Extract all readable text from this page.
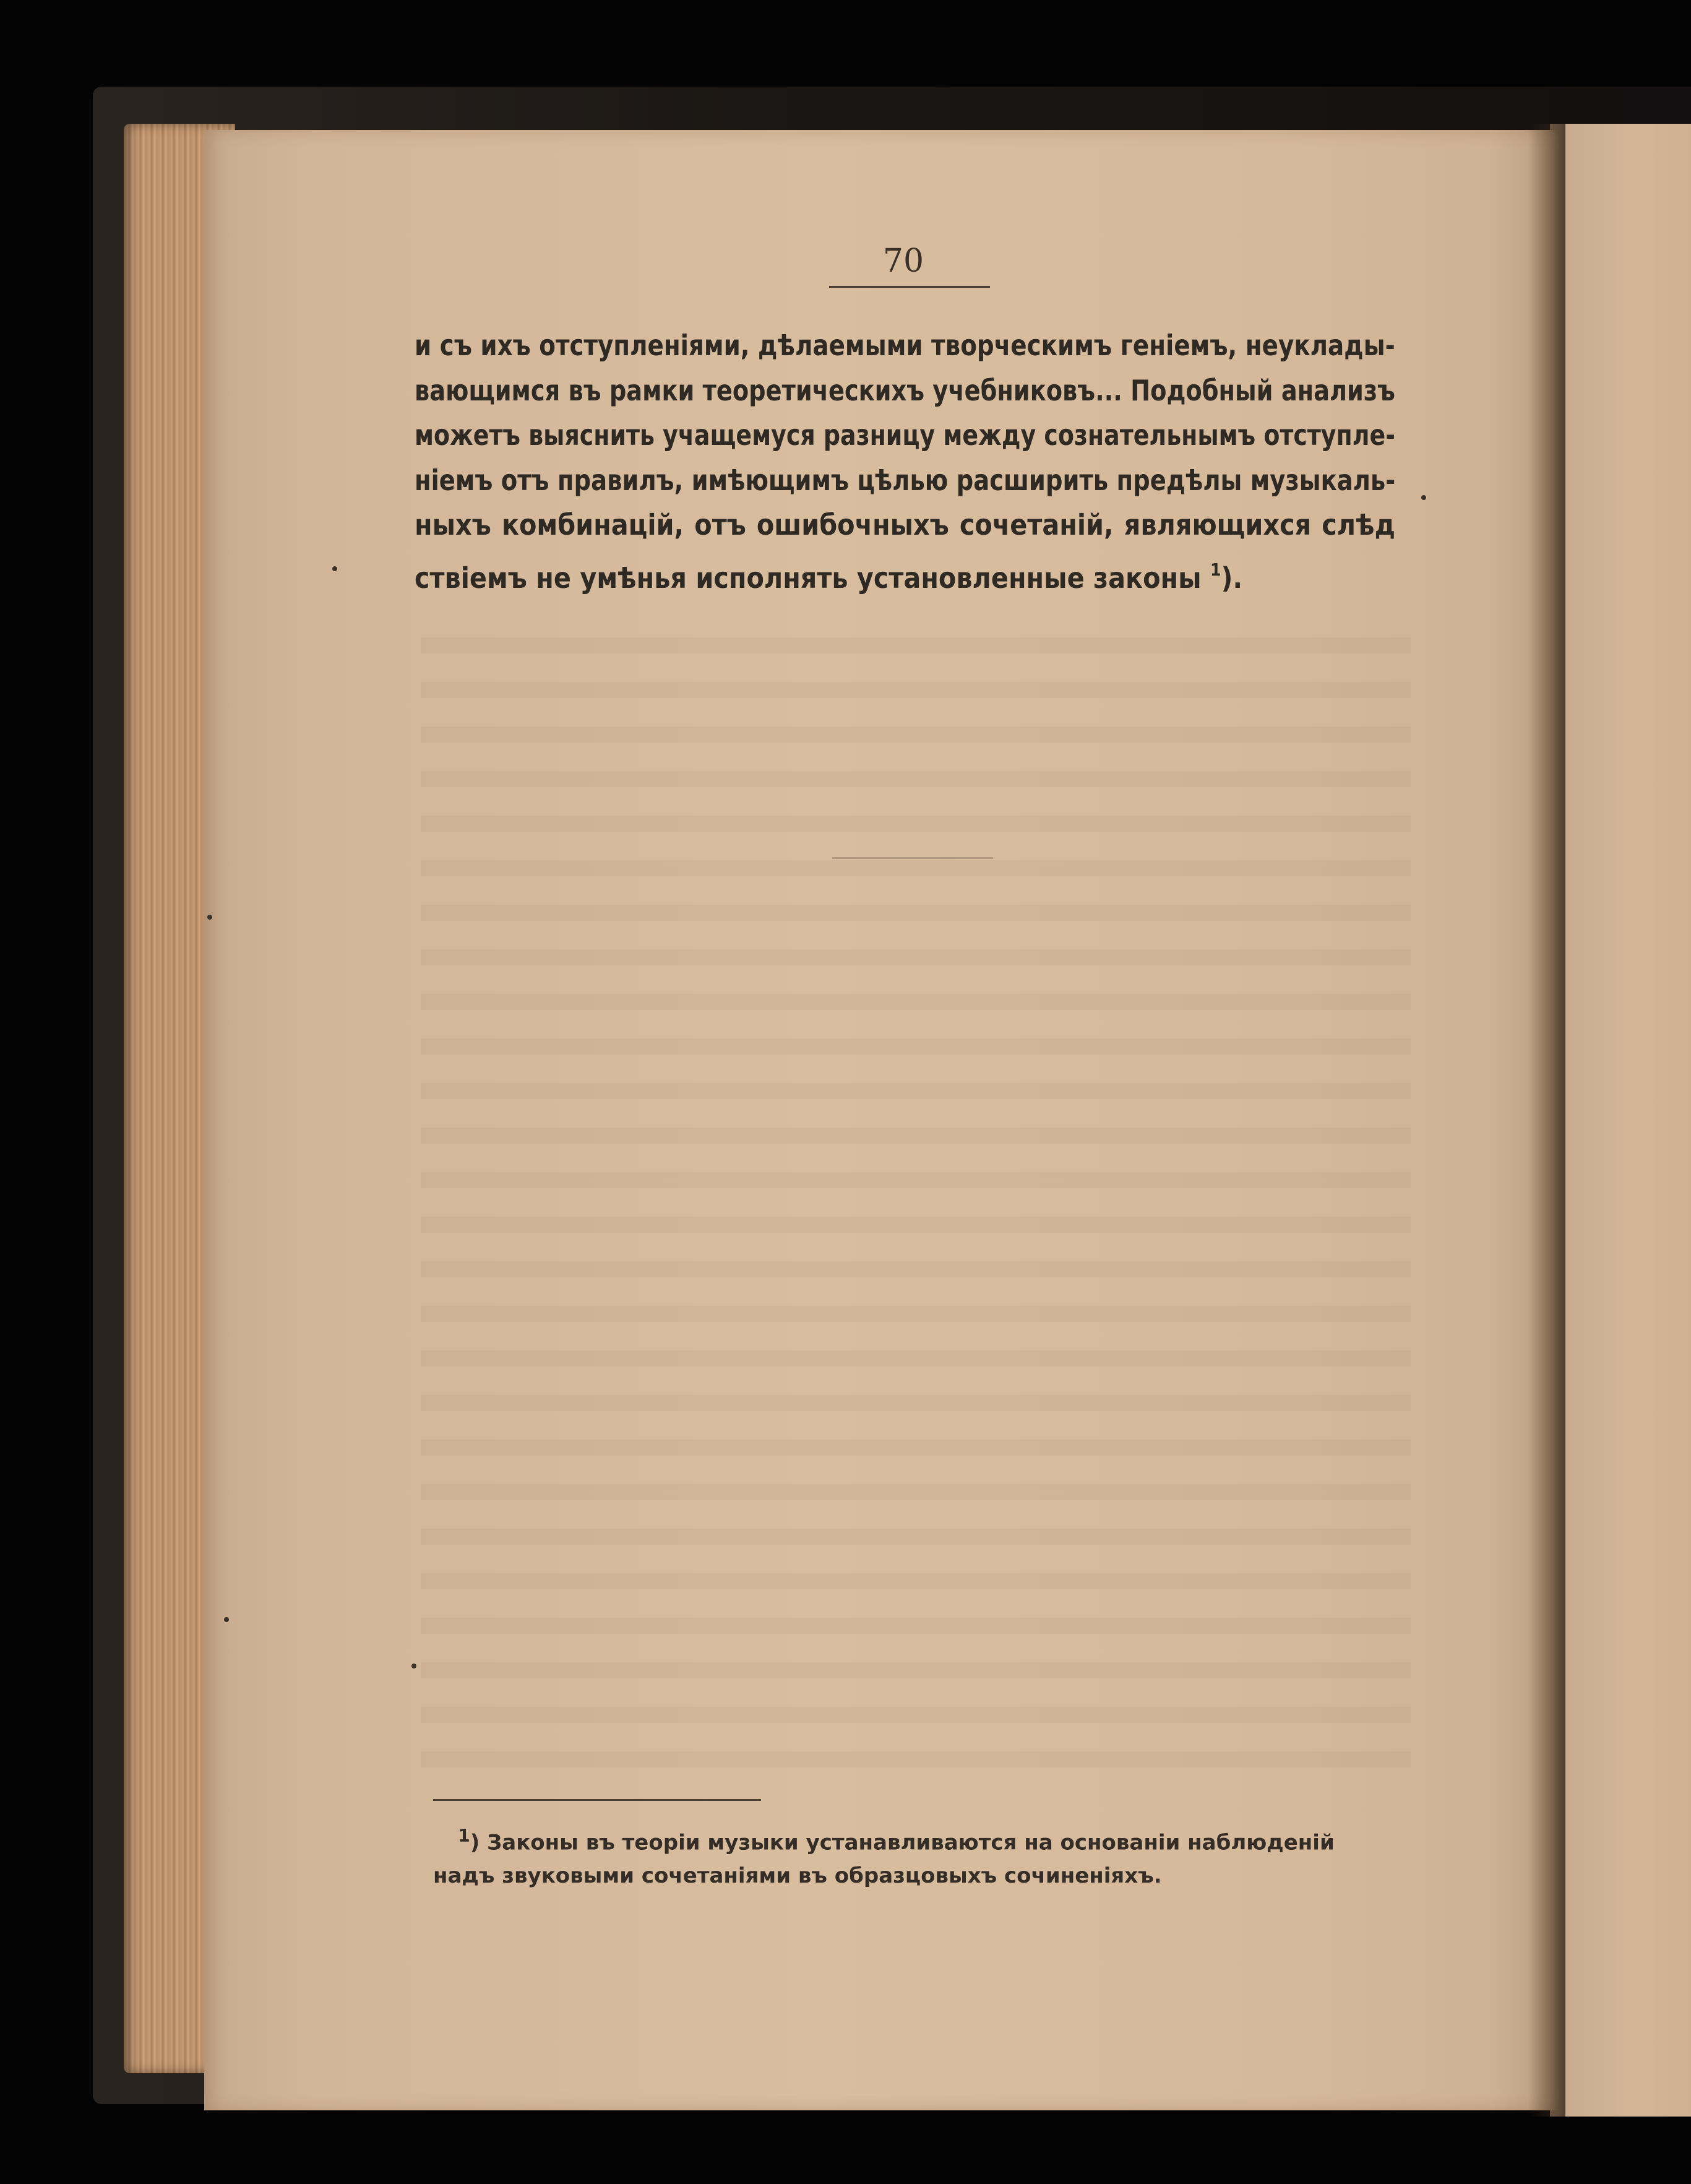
70
и съ ихъ отступленіями, дѣлаемыми творческимъ геніемъ, неуклады-
вающимся въ рамки теоретическихъ учебниковъ... Подобный анализъ
можетъ выяснить учащемуся разницу между сознательнымъ отступле-
ніемъ отъ правилъ, имѣющимъ цѣлью расширить предѣлы музыкаль-
ныхъ комбинацій, отъ ошибочныхъ сочетаній, являющихся слѣд
ствіемъ не умѣнья исполнять установленные законы $^1$).
$^1$) Законы въ теоріи музыки устанавливаются на основаніи наблюденій
надъ звуковыми сочетаніями въ образцовыхъ сочиненіяхъ.
